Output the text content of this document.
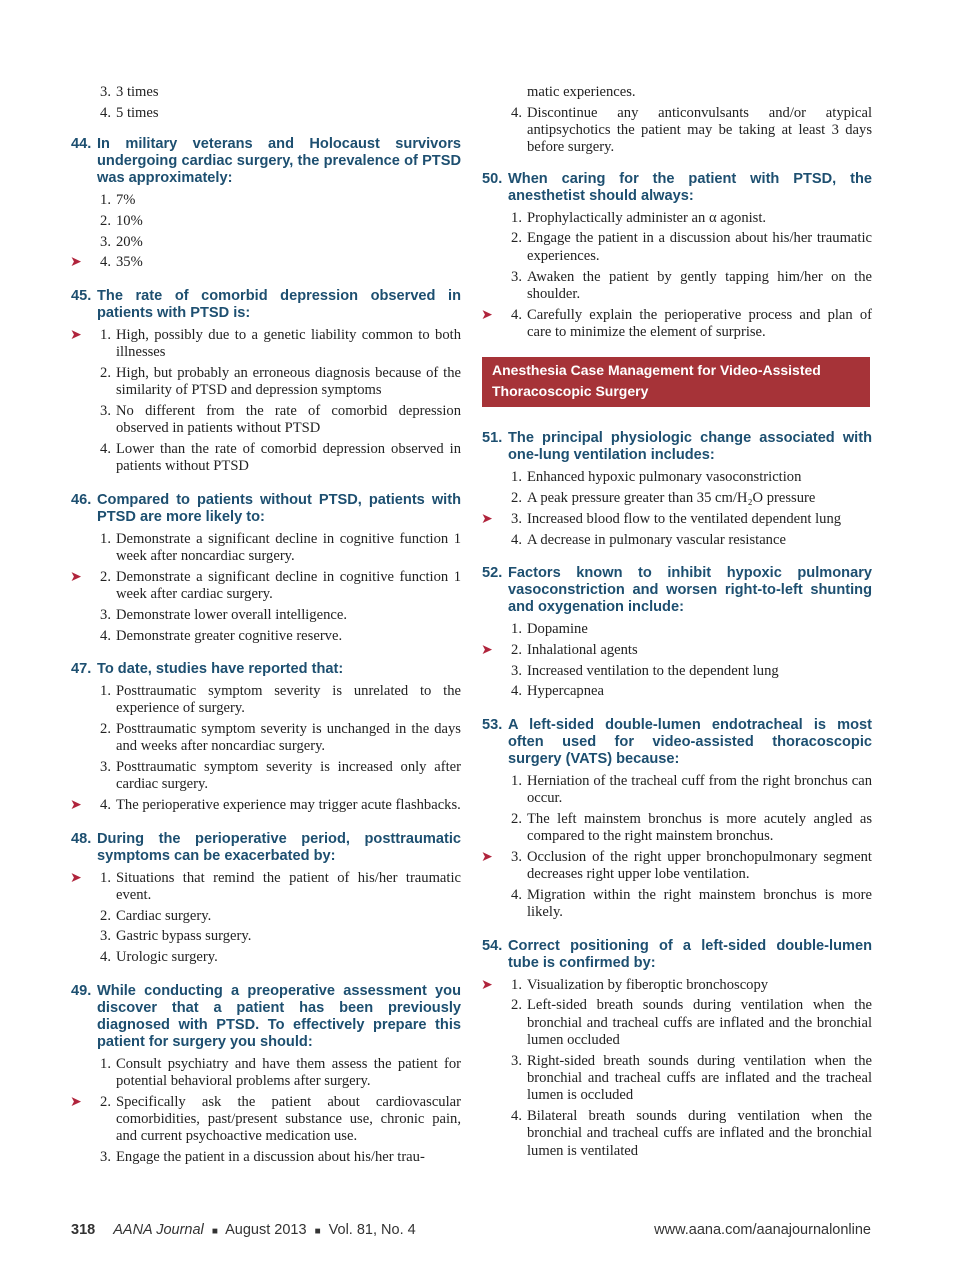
3. 3 times
4. 5 times
44. In military veterans and Holocaust survivors undergoing cardiac surgery, the prevalence of PTSD was approximately:
1. 7%
2. 10%
3. 20%
➤	4. 35%
45. The rate of comorbid depression observed in patients with PTSD is:
➤	1. High, possibly due to a genetic liability common to both illnesses
2. High, but probably an erroneous diagnosis because of the similarity of PTSD and depression symptoms
3. No different from the rate of comorbid depression observed in patients without PTSD
4. Lower than the rate of comorbid depression observed in patients without PTSD
46. Compared to patients without PTSD, patients with PTSD are more likely to:
1. Demonstrate a significant decline in cognitive function 1 week after noncardiac surgery.
➤	2. Demonstrate a significant decline in cognitive function 1 week after cardiac surgery.
3. Demonstrate lower overall intelligence.
4. Demonstrate greater cognitive reserve.
47. To date, studies have reported that:
1. Posttraumatic symptom severity is unrelated to the experience of surgery.
2. Posttraumatic symptom severity is unchanged in the days and weeks after noncardiac surgery.
3. Posttraumatic symptom severity is increased only after cardiac surgery.
➤	4. The perioperative experience may trigger acute flashbacks.
48. During the perioperative period, posttraumatic symptoms can be exacerbated by:
➤	1. Situations that remind the patient of his/her traumatic event.
2. Cardiac surgery.
3. Gastric bypass surgery.
4. Urologic surgery.
49. While conducting a preoperative assessment you discover that a patient has been previously diagnosed with PTSD. To effectively prepare this patient for surgery you should:
1. Consult psychiatry and have them assess the patient for potential behavioral problems after surgery.
➤	2. Specifically ask the patient about cardiovascular comorbidities, past/present substance use, chronic pain, and current psychoactive medication use.
3. Engage the patient in a discussion about his/her trau-
matic experiences.
4. Discontinue any anticonvulsants and/or atypical antipsychotics the patient may be taking at least 3 days before surgery.
50. When caring for the patient with PTSD, the anesthetist should always:
1. Prophylactically administer an α agonist.
2. Engage the patient in a discussion about his/her traumatic experiences.
3. Awaken the patient by gently tapping him/her on the shoulder.
➤	4. Carefully explain the perioperative process and plan of care to minimize the element of surprise.
Anesthesia Case Management for Video-Assisted Thoracoscopic Surgery
51. The principal physiologic change associated with one-lung ventilation includes:
1. Enhanced hypoxic pulmonary vasoconstriction
2. A peak pressure greater than 35 cm/H₂O pressure
➤	3. Increased blood flow to the ventilated dependent lung
4. A decrease in pulmonary vascular resistance
52. Factors known to inhibit hypoxic pulmonary vasoconstriction and worsen right-to-left shunting and oxygenation include:
1. Dopamine
➤	2. Inhalational agents
3. Increased ventilation to the dependent lung
4. Hypercapnea
53. A left-sided double-lumen endotracheal is most often used for video-assisted thoracoscopic surgery (VATS) because:
1. Herniation of the tracheal cuff from the right bronchus can occur.
2. The left mainstem bronchus is more acutely angled as compared to the right mainstem bronchus.
➤	3. Occlusion of the right upper bronchopulmonary segment decreases right upper lobe ventilation.
4. Migration within the right mainstem bronchus is more likely.
54. Correct positioning of a left-sided double-lumen tube is confirmed by:
➤	1. Visualization by fiberoptic bronchoscopy
2. Left-sided breath sounds during ventilation when the bronchial and tracheal cuffs are inflated and the bronchial lumen occluded
3. Right-sided breath sounds during ventilation when the bronchial and tracheal cuffs are inflated and the tracheal lumen is occluded
4. Bilateral breath sounds during ventilation when the bronchial and tracheal cuffs are inflated and the bronchial lumen is ventilated
318 AANA Journal ■ August 2013 ■ Vol. 81, No. 4	www.aana.com/aanajournalonline
